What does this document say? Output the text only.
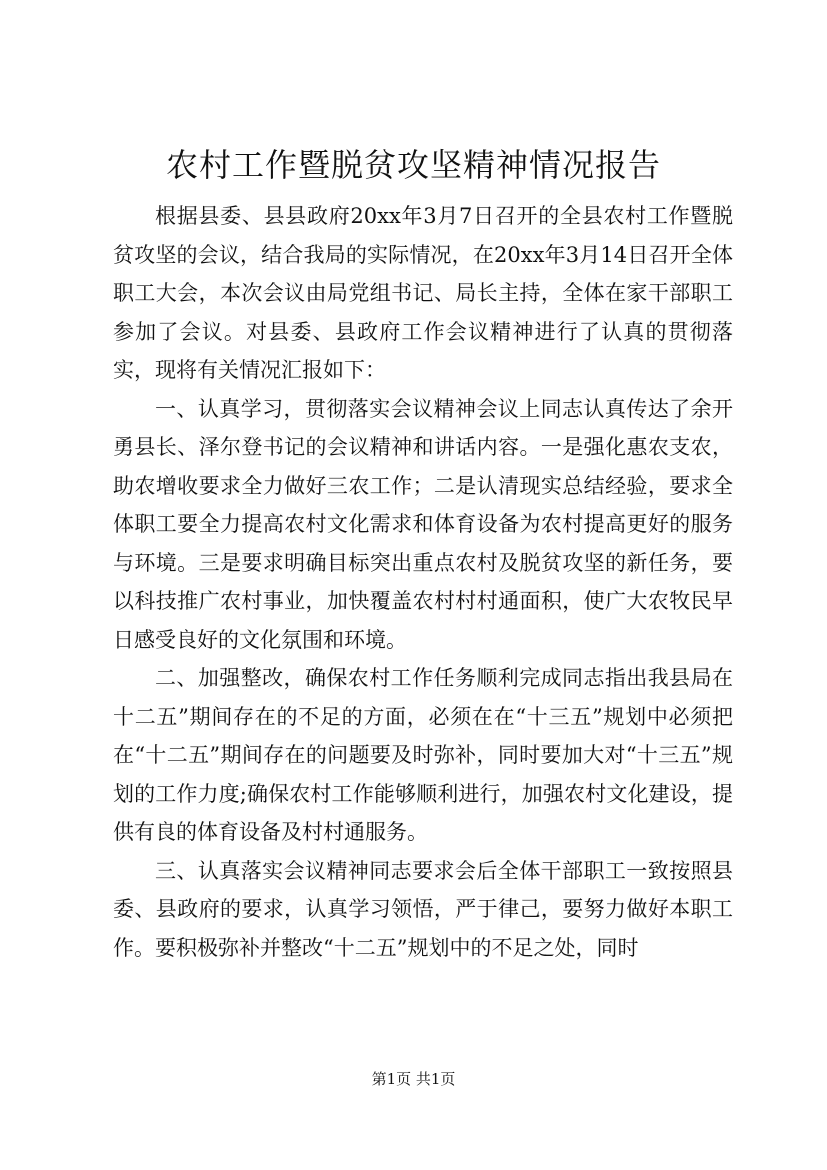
农村工作暨脱贫攻坚精神情况报告

根据县委、县县政府20xx年3月7日召开的全县农村工作暨脱贫攻坚的会议，结合我局的实际情况，在20xx年3月14日召开全体职工大会，本次会议由局党组书记、局长主持，全体在家干部职工参加了会议。对县委、县政府工作会议精神进行了认真的贯彻落实，现将有关情况汇报如下：

一、认真学习，贯彻落实会议精神会议上同志认真传达了余开勇县长、泽尔登书记的会议精神和讲话内容。一是强化惠农支农，助农增收要求全力做好三农工作；二是认清现实总结经验，要求全体职工要全力提高农村文化需求和体育设备为农村提高更好的服务与环境。三是要求明确目标突出重点农村及脱贫攻坚的新任务，要以科技推广农村事业，加快覆盖农村村村通面积，使广大农牧民早日感受良好的文化氛围和环境。

二、加强整改，确保农村工作任务顺利完成同志指出我县局在十二五”期间存在的不足的方面，必须在在“十三五”规划中必须把在“十二五”期间存在的问题要及时弥补，同时要加大对“十三五”规划的工作力度;确保农村工作能够顺利进行，加强农村文化建设，提供有良的体育设备及村村通服务。

三、认真落实会议精神同志要求会后全体干部职工一致按照县委、县政府的要求，认真学习领悟，严于律己，要努力做好本职工作。要积极弥补并整改“十二五”规划中的不足之处，同时

第1页 共1页
